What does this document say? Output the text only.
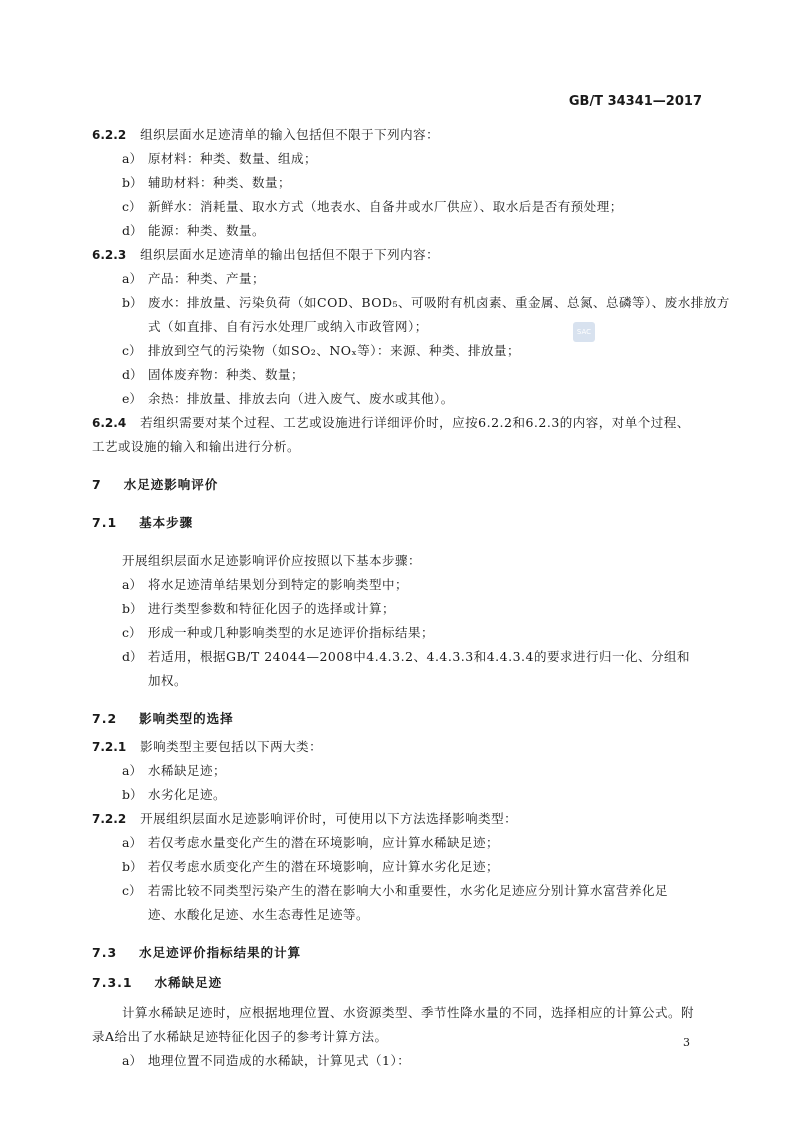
GB/T 34341—2017
6.2.2 组织层面水足迹清单的输入包括但不限于下列内容：
a） 原材料：种类、数量、组成；
b） 辅助材料：种类、数量；
c） 新鲜水：消耗量、取水方式（地表水、自备井或水厂供应）、取水后是否有预处理；
d） 能源：种类、数量。
6.2.3 组织层面水足迹清单的输出包括但不限于下列内容：
a） 产品：种类、产量；
b） 废水：排放量、污染负荷（如COD、BOD₅、可吸附有机卤素、重金属、总氮、总磷等）、废水排放方
式（如直排、自有污水处理厂或纳入市政管网）；
c） 排放到空气的污染物（如SO₂、NOₓ等）：来源、种类、排放量；
d） 固体废弃物：种类、数量；
e） 余热：排放量、排放去向（进入废气、废水或其他）。
6.2.4 若组织需要对某个过程、工艺或设施进行详细评价时，应按6.2.2和6.2.3的内容，对单个过程、
工艺或设施的输入和输出进行分析。
7 水足迹影响评价
7.1 基本步骤
开展组织层面水足迹影响评价应按照以下基本步骤：
a） 将水足迹清单结果划分到特定的影响类型中；
b） 进行类型参数和特征化因子的选择或计算；
c） 形成一种或几种影响类型的水足迹评价指标结果；
d） 若适用，根据GB/T 24044—2008中4.4.3.2、4.4.3.3和4.4.3.4的要求进行归一化、分组和
加权。
7.2 影响类型的选择
7.2.1 影响类型主要包括以下两大类：
a） 水稀缺足迹；
b） 水劣化足迹。
7.2.2 开展组织层面水足迹影响评价时，可使用以下方法选择影响类型：
a） 若仅考虑水量变化产生的潜在环境影响，应计算水稀缺足迹；
b） 若仅考虑水质变化产生的潜在环境影响，应计算水劣化足迹；
c） 若需比较不同类型污染产生的潜在影响大小和重要性，水劣化足迹应分别计算水富营养化足
迹、水酸化足迹、水生态毒性足迹等。
7.3 水足迹评价指标结果的计算
7.3.1 水稀缺足迹
计算水稀缺足迹时，应根据地理位置、水资源类型、季节性降水量的不同，选择相应的计算公式。附
录A给出了水稀缺足迹特征化因子的参考计算方法。
a） 地理位置不同造成的水稀缺，计算见式（1）：
SAC
3
